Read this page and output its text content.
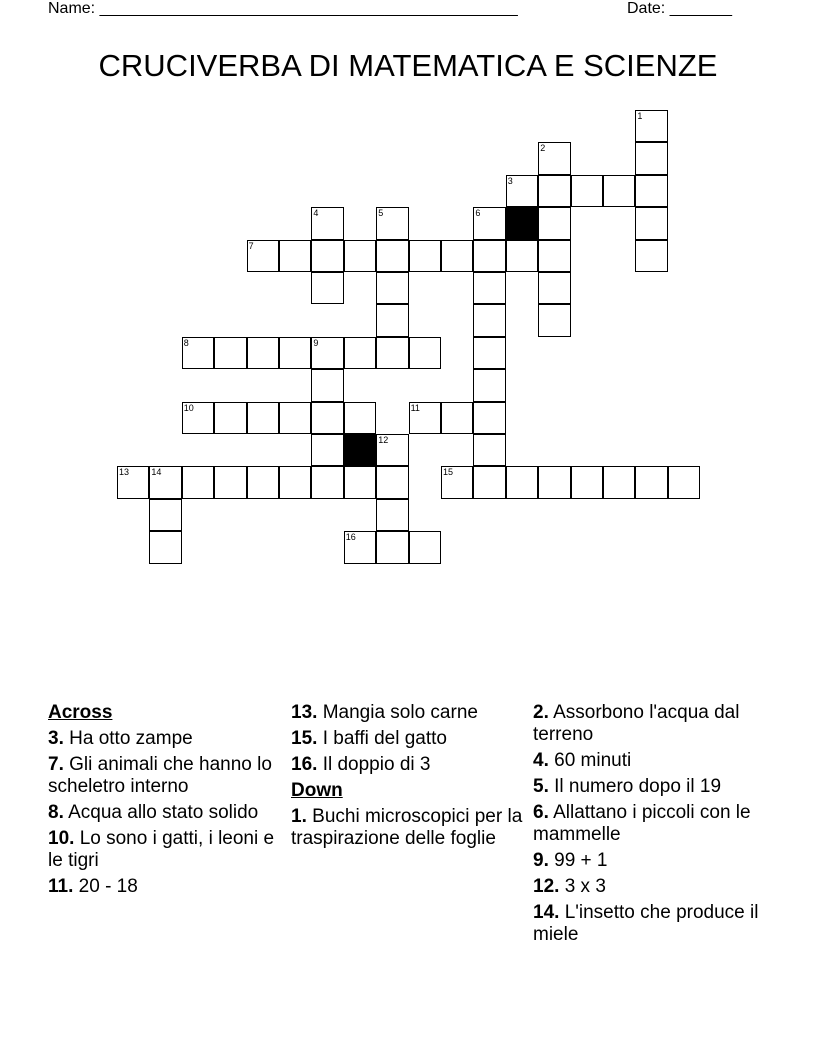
Name: _______________________________________________	Date: _______
CRUCIVERBA DI MATEMATICA E SCIENZE
1
2
3
4	5	6
7
8	9
10	11
12
13 14	15
16
Across
3. Ha otto zampe
7. Gli animali che hanno lo scheletro interno
8. Acqua allo stato solido
10. Lo sono i gatti, i leoni e le tigri
11. 20 - 18
13. Mangia solo carne
15. I baffi del gatto
16. Il doppio di 3
Down
1. Buchi microscopici per la traspirazione delle foglie
2. Assorbono l'acqua dal terreno
4. 60 minuti
5. Il numero dopo il 19
6. Allattano i piccoli con le mammelle
9. 99 + 1
12. 3 x 3
14. L'insetto che produce il miele
